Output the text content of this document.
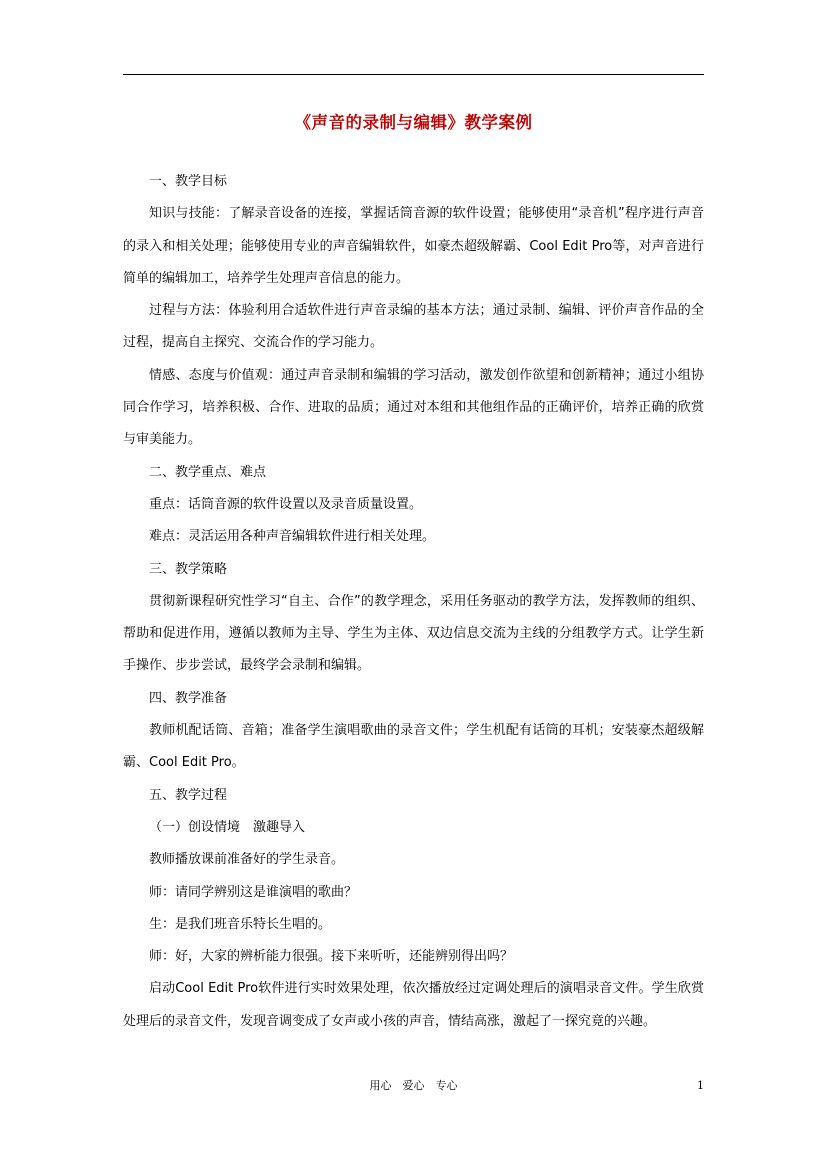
《声音的录制与编辑》教学案例

一、教学目标

知识与技能：了解录音设备的连接，掌握话筒音源的软件设置；能够使用“录音机”程序进行声音的录入和相关处理；能够使用专业的声音编辑软件，如豪杰超级解霸、Cool Edit Pro等，对声音进行简单的编辑加工，培养学生处理声音信息的能力。

过程与方法：体验利用合适软件进行声音录编的基本方法；通过录制、编辑、评价声音作品的全过程，提高自主探究、交流合作的学习能力。

情感、态度与价值观：通过声音录制和编辑的学习活动，激发创作欲望和创新精神；通过小组协同合作学习，培养积极、合作、进取的品质；通过对本组和其他组作品的正确评价，培养正确的欣赏与审美能力。

二、教学重点、难点

重点：话筒音源的软件设置以及录音质量设置。

难点：灵活运用各种声音编辑软件进行相关处理。

三、教学策略

贯彻新课程研究性学习“自主、合作”的教学理念，采用任务驱动的教学方法，发挥教师的组织、帮助和促进作用，遵循以教师为主导、学生为主体、双边信息交流为主线的分组教学方式。让学生新手操作、步步尝试，最终学会录制和编辑。

四、教学准备

教师机配话筒、音箱；准备学生演唱歌曲的录音文件；学生机配有话筒的耳机；安装豪杰超级解霸、Cool Edit Pro。

五、教学过程

（一）创设情境　激趣导入

教师播放课前准备好的学生录音。

师：请同学辨别这是谁演唱的歌曲？

生：是我们班音乐特长生唱的。

师：好，大家的辨析能力很强。接下来听听，还能辨别得出吗？

启动Cool Edit Pro软件进行实时效果处理，依次播放经过定调处理后的演唱录音文件。学生欣赏处理后的录音文件，发现音调变成了女声或小孩的声音，情结高涨，激起了一探究竟的兴趣。

用心　爱心　专心	1
